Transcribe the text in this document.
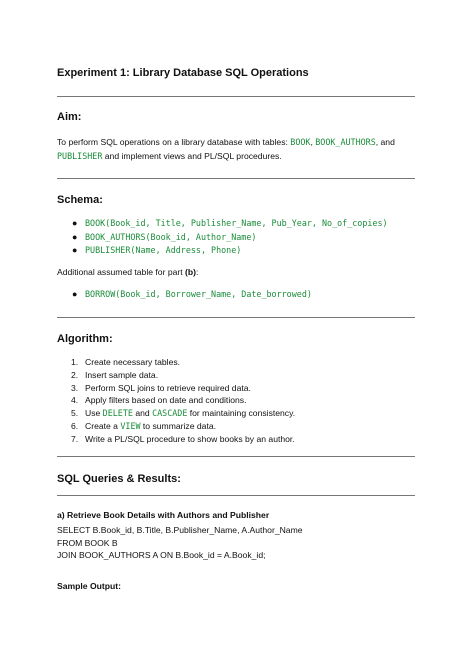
Experiment 1: Library Database SQL Operations
Aim:
To perform SQL operations on a library database with tables: BOOK, BOOK_AUTHORS, and
PUBLISHER and implement views and PL/SQL procedures.
Schema:
● BOOK(Book_id, Title, Publisher_Name, Pub_Year, No_of_copies)
● BOOK_AUTHORS(Book_id, Author_Name)
● PUBLISHER(Name, Address, Phone)
Additional assumed table for part (b):
● BORROW(Book_id, Borrower_Name, Date_borrowed)
Algorithm:
1. Create necessary tables.
2. Insert sample data.
3. Perform SQL joins to retrieve required data.
4. Apply filters based on date and conditions.
5. Use DELETE and CASCADE for maintaining consistency.
6. Create a VIEW to summarize data.
7. Write a PL/SQL procedure to show books by an author.
SQL Queries & Results:
a) Retrieve Book Details with Authors and Publisher
SELECT B.Book_id, B.Title, B.Publisher_Name, A.Author_Name
FROM BOOK B
JOIN BOOK_AUTHORS A ON B.Book_id = A.Book_id;
Sample Output:
